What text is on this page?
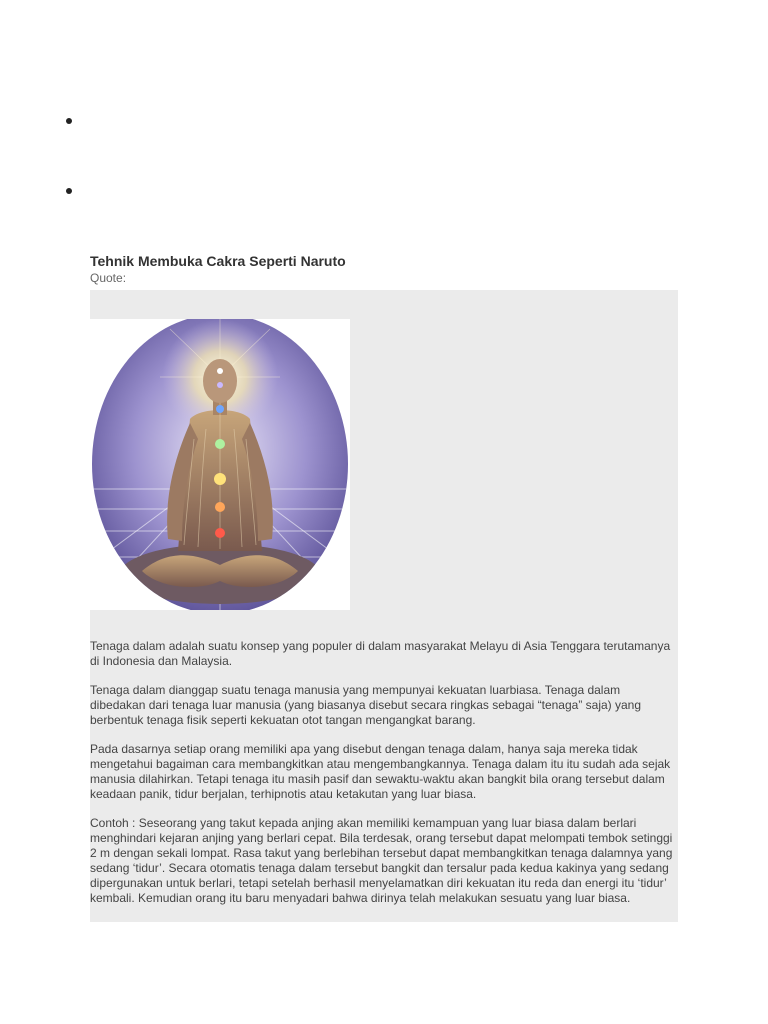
Tehnik Membuka Cakra Seperti Naruto
Quote:

Tenaga dalam adalah suatu konsep yang populer di dalam masyarakat Melayu di Asia Tenggara terutamanya di Indonesia dan Malaysia.

Tenaga dalam dianggap suatu tenaga manusia yang mempunyai kekuatan luarbiasa. Tenaga dalam dibedakan dari tenaga luar manusia (yang biasanya disebut secara ringkas sebagai “tenaga” saja) yang berbentuk tenaga fisik seperti kekuatan otot tangan mengangkat barang.

Pada dasarnya setiap orang memiliki apa yang disebut dengan tenaga dalam, hanya saja mereka tidak mengetahui bagaiman cara membangkitkan atau mengembangkannya. Tenaga dalam itu itu sudah ada sejak manusia dilahirkan. Tetapi tenaga itu masih pasif dan sewaktu-waktu akan bangkit bila orang tersebut dalam keadaan panik, tidur berjalan, terhipnotis atau ketakutan yang luar biasa.

Contoh : Seseorang yang takut kepada anjing akan memiliki kemampuan yang luar biasa dalam berlari menghindari kejaran anjing yang berlari cepat. Bila terdesak, orang tersebut dapat melompati tembok setinggi 2 m dengan sekali lompat. Rasa takut yang berlebihan tersebut dapat membangkitkan tenaga dalamnya yang sedang ‘tidur’. Secara otomatis tenaga dalam tersebut bangkit dan tersalur pada kedua kakinya yang sedang dipergunakan untuk berlari, tetapi setelah berhasil menyelamatkan diri kekuatan itu reda dan energi itu ‘tidur’ kembali. Kemudian orang itu baru menyadari bahwa dirinya telah melakukan sesuatu yang luar biasa.
